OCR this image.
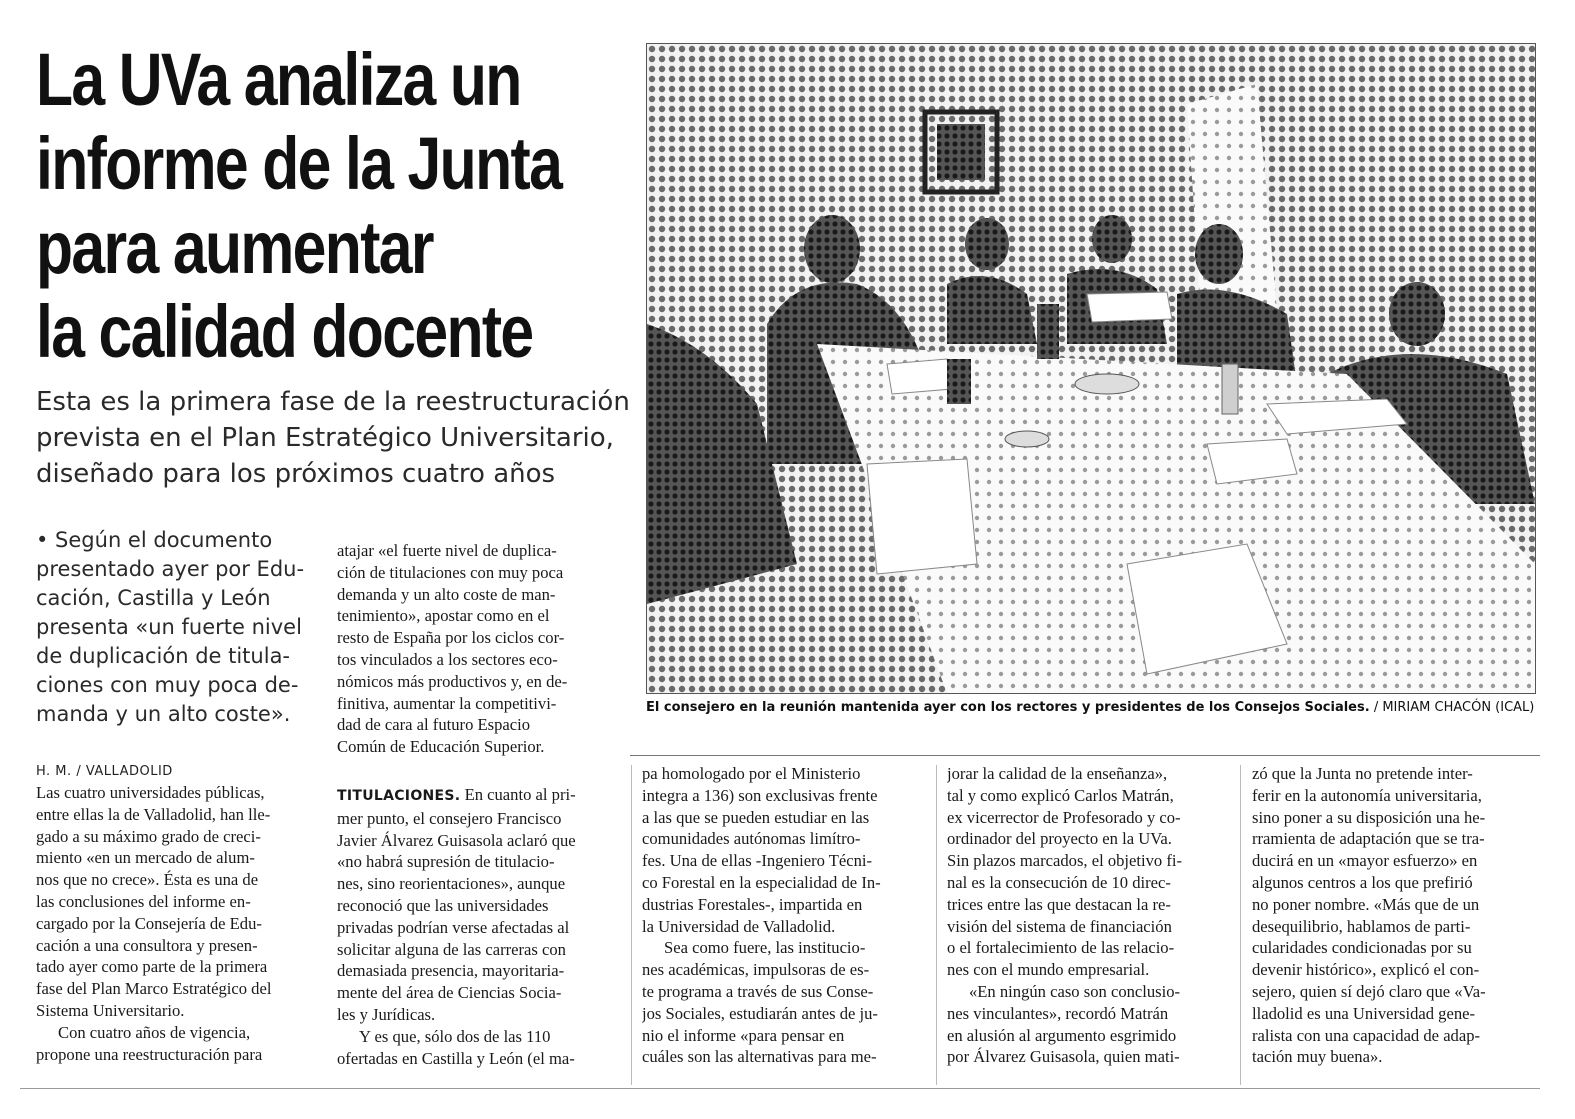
La UVa analiza un
informe de la Junta
para aumentar
la calidad docente
Esta es la primera fase de la reestructuración
prevista en el Plan Estratégico Universitario,
diseñado para los próximos cuatro años
• Según el documento
presentado ayer por Edu-
cación, Castilla y León
presenta «un fuerte nivel
de duplicación de titula-
ciones con muy poca de-
manda y un alto coste».
atajar «el fuerte nivel de duplica-
ción de titulaciones con muy poca
demanda y un alto coste de man-
tenimiento», apostar como en el
resto de España por los ciclos cor-
tos vinculados a los sectores eco-
nómicos más productivos y, en de-
finitiva, aumentar la competitivi-
dad de cara al futuro Espacio
Común de Educación Superior.
El consejero en la reunión mantenida ayer con los rectores y presidentes de los Consejos Sociales. / MIRIAM CHACÓN (ICAL)
H. M. / VALLADOLID
Las cuatro universidades públicas,
entre ellas la de Valladolid, han lle-
gado a su máximo grado de creci-
miento «en un mercado de alum-
nos que no crece». Ésta es una de
las conclusiones del informe en-
cargado por la Consejería de Edu-
cación a una consultora y presen-
tado ayer como parte de la primera
fase del Plan Marco Estratégico del
Sistema Universitario.
Con cuatro años de vigencia,
propone una reestructuración para
TITULACIONES. En cuanto al pri-
mer punto, el consejero Francisco
Javier Álvarez Guisasola aclaró que
«no habrá supresión de titulacio-
nes, sino reorientaciones», aunque
reconoció que las universidades
privadas podrían verse afectadas al
solicitar alguna de las carreras con
demasiada presencia, mayoritaria-
mente del área de Ciencias Socia-
les y Jurídicas.
Y es que, sólo dos de las 110
ofertadas en Castilla y León (el ma-
pa homologado por el Ministerio
integra a 136) son exclusivas frente
a las que se pueden estudiar en las
comunidades autónomas limítro-
fes. Una de ellas -Ingeniero Técni-
co Forestal en la especialidad de In-
dustrias Forestales-, impartida en
la Universidad de Valladolid.
Sea como fuere, las institucio-
nes académicas, impulsoras de es-
te programa a través de sus Conse-
jos Sociales, estudiarán antes de ju-
nio el informe «para pensar en
cuáles son las alternativas para me-
jorar la calidad de la enseñanza»,
tal y como explicó Carlos Matrán,
ex vicerrector de Profesorado y co-
ordinador del proyecto en la UVa.
Sin plazos marcados, el objetivo fi-
nal es la consecución de 10 direc-
trices entre las que destacan la re-
visión del sistema de financiación
o el fortalecimiento de las relacio-
nes con el mundo empresarial.
«En ningún caso son conclusio-
nes vinculantes», recordó Matrán
en alusión al argumento esgrimido
por Álvarez Guisasola, quien mati-
zó que la Junta no pretende inter-
ferir en la autonomía universitaria,
sino poner a su disposición una he-
rramienta de adaptación que se tra-
ducirá en un «mayor esfuerzo» en
algunos centros a los que prefirió
no poner nombre. «Más que de un
desequilibrio, hablamos de parti-
cularidades condicionadas por su
devenir histórico», explicó el con-
sejero, quien sí dejó claro que «Va-
lladolid es una Universidad gene-
ralista con una capacidad de adap-
tación muy buena».
